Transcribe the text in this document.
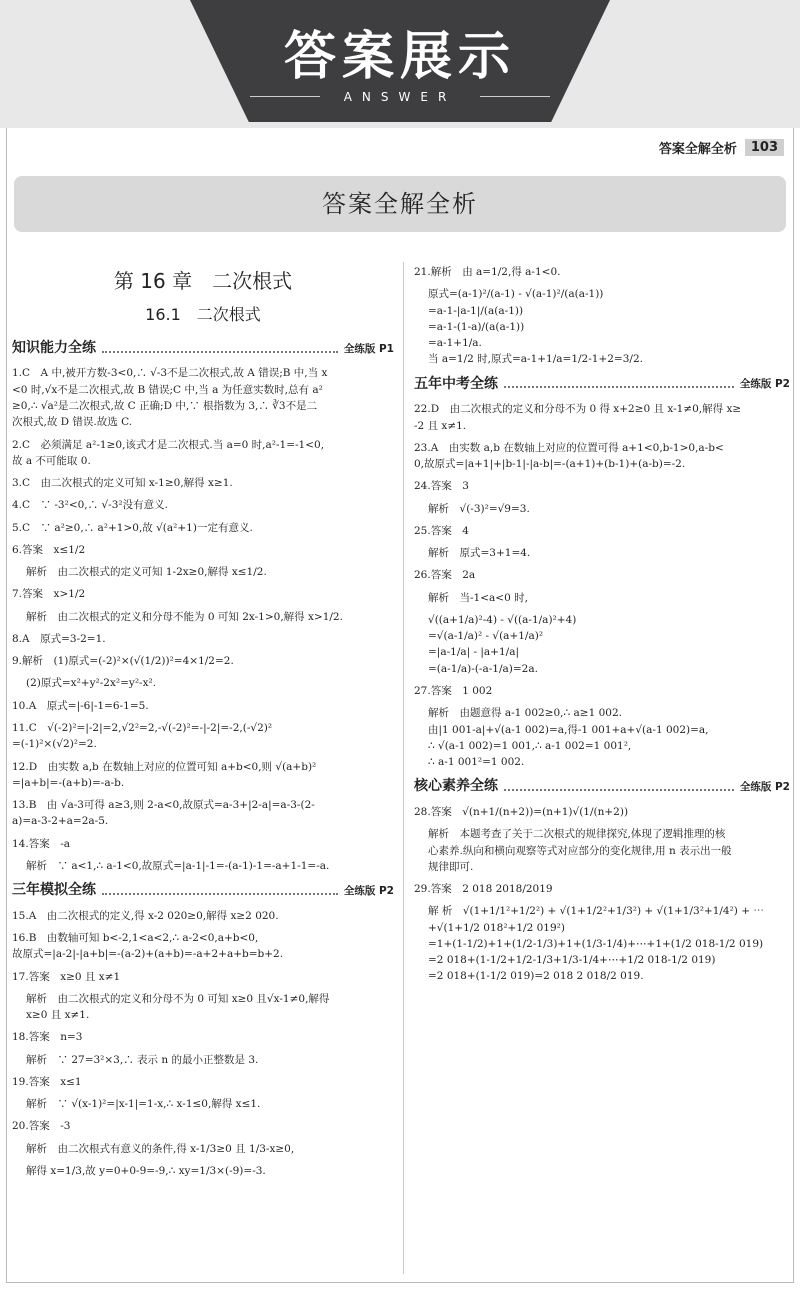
答案展示
ANSWER
答案全解全析	103
答案全解全析
第 16 章　二次根式
16.1　二次根式
知识能力全练	全练版 P1
1.C　A 中,被开方数-3<0,∴ √-3不是二次根式,故 A 错误;B 中,当 x
<0 时,√x不是二次根式,故 B 错误;C 中,当 a 为任意实数时,总有 a²
≥0,∴ √a²是二次根式,故 C 正确;D 中,∵ 根指数为 3,∴ ∛3不是二
次根式,故 D 错误.故选 C.
2.C　必须满足 a²-1≥0,该式才是二次根式.当 a=0 时,a²-1=-1<0,
故 a 不可能取 0.
3.C　由二次根式的定义可知 x-1≥0,解得 x≥1.
4.C　∵ -3²<0,∴ √-3²没有意义.
5.C　∵ a²≥0,∴ a²+1>0,故 √(a²+1)一定有意义.
6.答案　x≤1/2
解析　由二次根式的定义可知 1-2x≥0,解得 x≤1/2.
7.答案　x>1/2
解析　由二次根式的定义和分母不能为 0 可知 2x-1>0,解得 x>1/2.
8.A　原式=3-2=1.
9.解析　(1)原式=(-2)²×(√(1/2))²=4×1/2=2.
(2)原式=x²+y²-2x²=y²-x².
10.A　原式=|-6|-1=6-1=5.
11.C　√(-2)²=|-2|=2,√2²=2,-√(-2)²=-|-2|=-2,(-√2)²
=(-1)²×(√2)²=2.
12.D　由实数 a,b 在数轴上对应的位置可知 a+b<0,则 √(a+b)²
=|a+b|=-(a+b)=-a-b.
13.B　由 √a-3可得 a≥3,则 2-a<0,故原式=a-3+|2-a|=a-3-(2-
a)=a-3-2+a=2a-5.
14.答案　-a
解析　∵ a<1,∴ a-1<0,故原式=|a-1|-1=-(a-1)-1=-a+1-1=-a.
三年模拟全练	全练版 P2
15.A　由二次根式的定义,得 x-2 020≥0,解得 x≥2 020.
16.B　由数轴可知 b<-2,1<a<2,∴ a-2<0,a+b<0,
故原式=|a-2|-|a+b|=-(a-2)+(a+b)=-a+2+a+b=b+2.
17.答案　x≥0 且 x≠1
解析　由二次根式的定义和分母不为 0 可知 x≥0 且√x-1≠0,解得
x≥0 且 x≠1.
18.答案　n=3
解析　∵ 27=3²×3,∴ 表示 n 的最小正整数是 3.
19.答案　x≤1
解析　∵ √(x-1)²=|x-1|=1-x,∴ x-1≤0,解得 x≤1.
20.答案　-3
解析　由二次根式有意义的条件,得 x-1/3≥0 且 1/3-x≥0,
解得 x=1/3,故 y=0+0-9=-9,∴ xy=1/3×(-9)=-3.
21.解析　由 a=1/2,得 a-1<0.
原式=(a-1)²/(a-1) - √(a-1)²/(a(a-1))
=a-1-|a-1|/(a(a-1))
=a-1-(1-a)/(a(a-1))
=a-1+1/a.
当 a=1/2 时,原式=a-1+1/a=1/2-1+2=3/2.
五年中考全练	全练版 P2
22.D　由二次根式的定义和分母不为 0 得 x+2≥0 且 x-1≠0,解得 x≥
-2 且 x≠1.
23.A　由实数 a,b 在数轴上对应的位置可得 a+1<0,b-1>0,a-b<
0,故原式=|a+1|+|b-1|-|a-b|=-(a+1)+(b-1)+(a-b)=-2.
24.答案　3
解析　√(-3)²=√9=3.
25.答案　4
解析　原式=3+1=4.
26.答案　2a
解析　当-1<a<0 时,
√((a+1/a)²-4) - √((a-1/a)²+4)
=√(a-1/a)² - √(a+1/a)²
=|a-1/a| - |a+1/a|
=(a-1/a)-(-a-1/a)=2a.
27.答案　1 002
解析　由题意得 a-1 002≥0,∴ a≥1 002.
由|1 001-a|+√(a-1 002)=a,得-1 001+a+√(a-1 002)=a,
∴ √(a-1 002)=1 001,∴ a-1 002=1 001²,
∴ a-1 001²=1 002.
核心素养全练	全练版 P2
28.答案　√(n+1/(n+2))=(n+1)√(1/(n+2))
解析　本题考查了关于二次根式的规律探究,体现了逻辑推理的核
心素养.纵向和横向观察等式对应部分的变化规律,用 n 表示出一般
规律即可.
29.答案　2 018 2018/2019
解 析　√(1+1/1²+1/2²) + √(1+1/2²+1/3²) + √(1+1/3²+1/4²) + ⋯
+√(1+1/2 018²+1/2 019²)
=1+(1-1/2)+1+(1/2-1/3)+1+(1/3-1/4)+⋯+1+(1/2 018-1/2 019)
=2 018+(1-1/2+1/2-1/3+1/3-1/4+⋯+1/2 018-1/2 019)
=2 018+(1-1/2 019)=2 018 2 018/2 019.
